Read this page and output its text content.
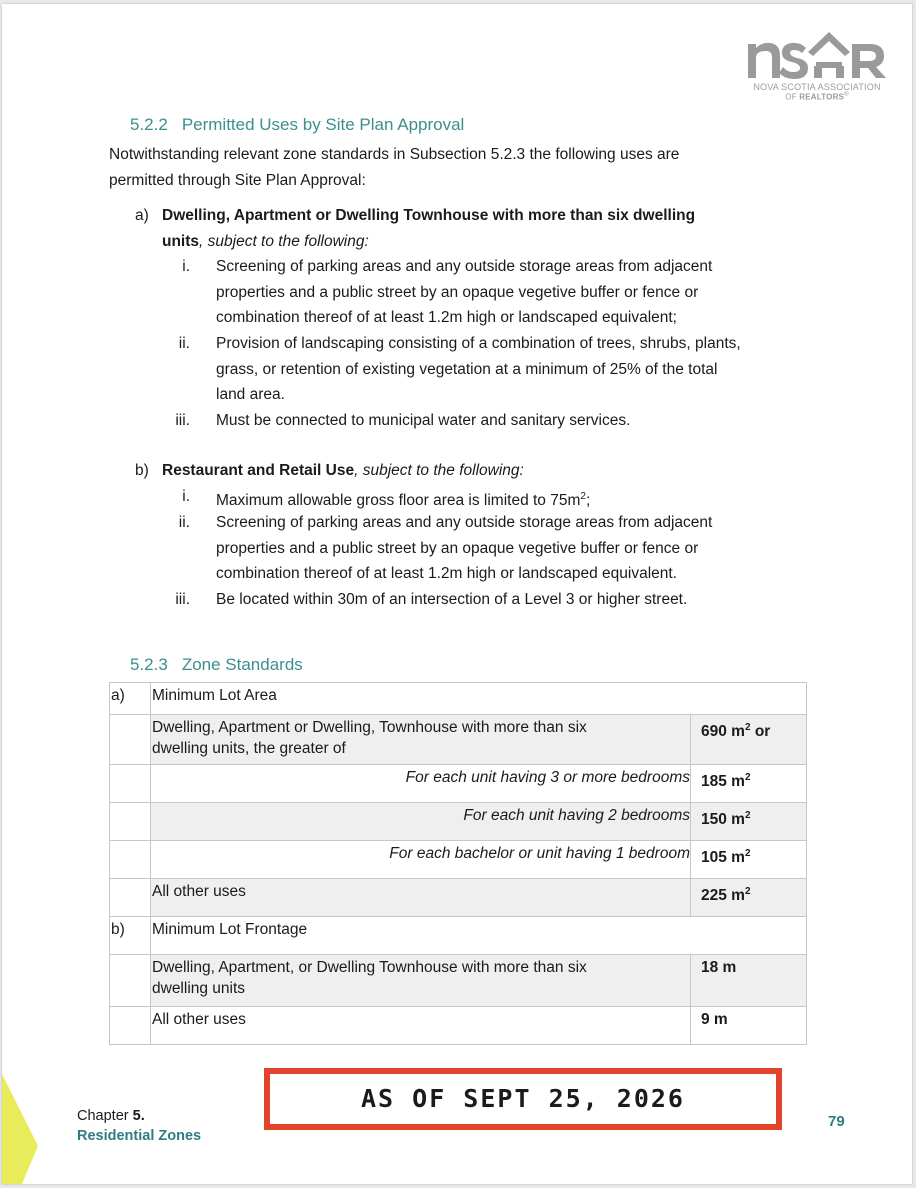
NOVA SCOTIA ASSOCIATION
OF REALTORS®
5.2.2 Permitted Uses by Site Plan Approval
Notwithstanding relevant zone standards in Subsection 5.2.3 the following uses are
permitted through Site Plan Approval:
a) Dwelling, Apartment or Dwelling Townhouse with more than six dwelling
units, subject to the following:
i. Screening of parking areas and any outside storage areas from adjacent
properties and a public street by an opaque vegetive buffer or fence or
combination thereof of at least 1.2m high or landscaped equivalent;
ii. Provision of landscaping consisting of a combination of trees, shrubs, plants,
grass, or retention of existing vegetation at a minimum of 25% of the total
land area.
iii. Must be connected to municipal water and sanitary services.
b) Restaurant and Retail Use, subject to the following:
i. Maximum allowable gross floor area is limited to $75m^2$;
ii. Screening of parking areas and any outside storage areas from adjacent
properties and a public street by an opaque vegetive buffer or fence or
combination thereof of at least 1.2m high or landscaped equivalent.
iii. Be located within 30m of an intersection of a Level 3 or higher street.
5.2.3 Zone Standards
a)	Minimum Lot Area	

	Dwelling, Apartment or Dwelling, Townhouse with more than six
dwelling units, the greater of	690 $m^2$ or
	For each unit having 3 or more bedrooms	185 $m^2$
	For each unit having 2 bedrooms	150 $m^2$
	For each bachelor or unit having 1 bedroom	105 $m^2$
	All other uses	225 $m^2$
b)	Minimum Lot Frontage	

	Dwelling, Apartment, or Dwelling Townhouse with more than six
dwelling units	18 m
	All other uses	9 m
AS OF SEPT 25, 2026
Chapter 5.
Residential Zones
79
